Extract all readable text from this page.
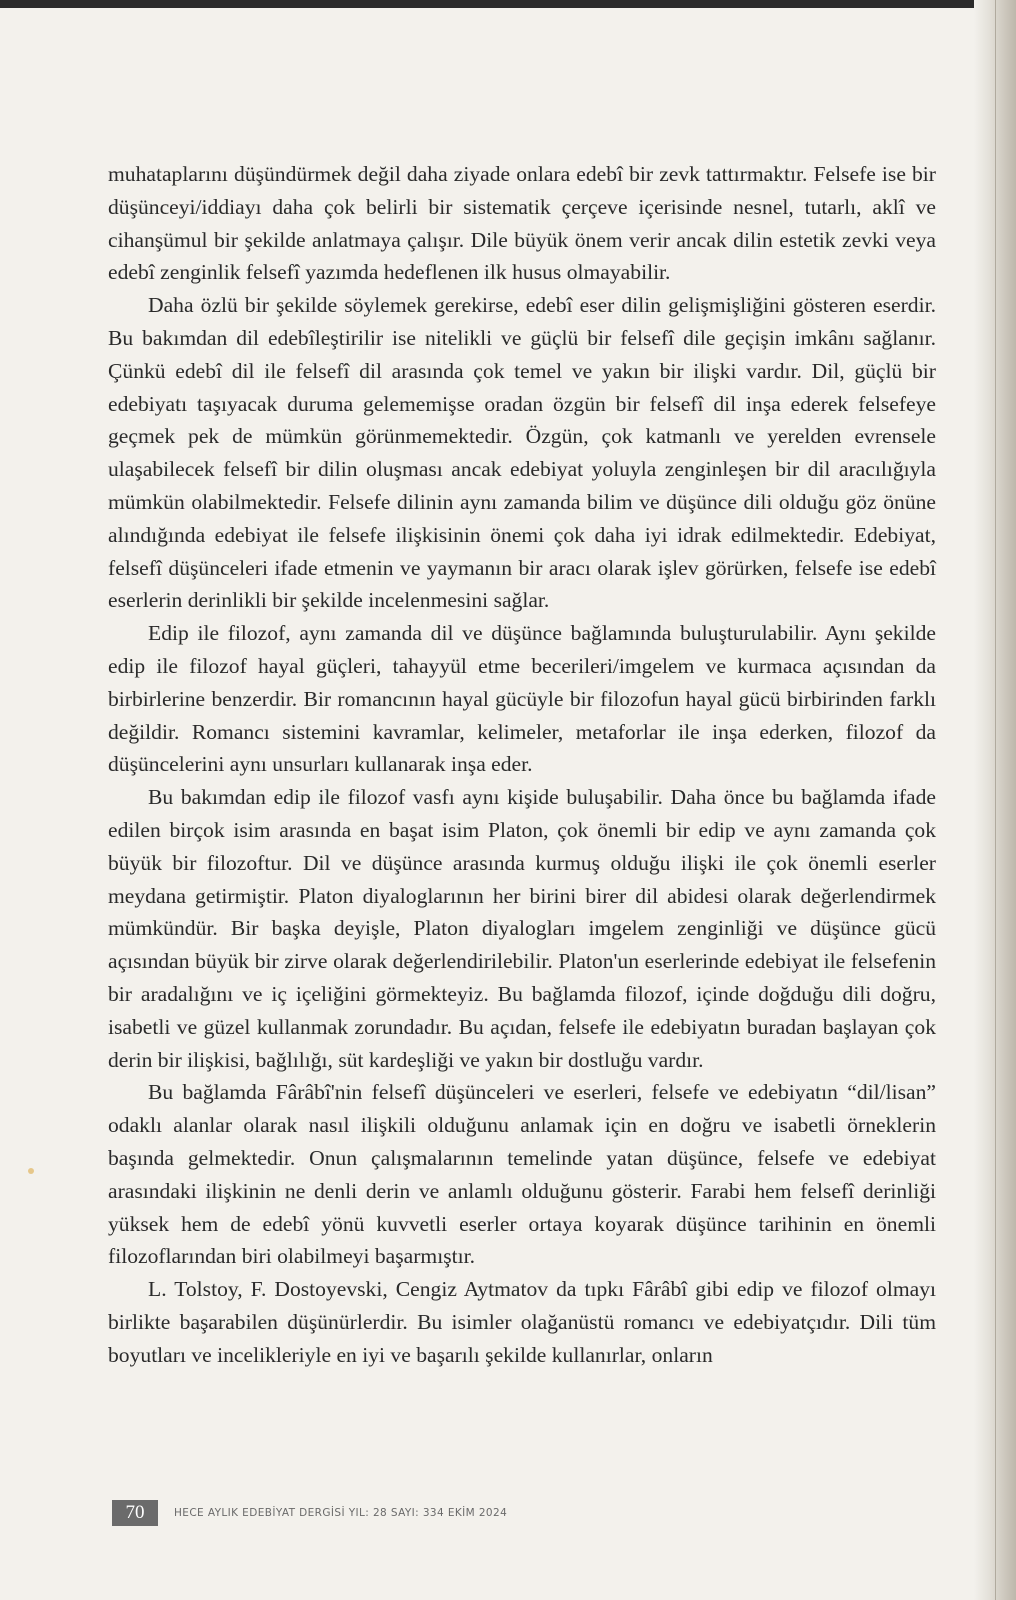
muhataplarını düşündürmek değil daha ziyade onlara edebî bir zevk tattırmaktır. Felsefe ise bir düşünceyi/iddiayı daha çok belirli bir sistematik çerçeve içerisinde nesnel, tutarlı, aklî ve cihanşümul bir şekilde anlatmaya çalışır. Dile büyük önem verir ancak dilin estetik zevki veya edebî zenginlik felsefî yazımda hedeflenen ilk husus olmayabilir.

Daha özlü bir şekilde söylemek gerekirse, edebî eser dilin gelişmişliğini gösteren eserdir. Bu bakımdan dil edebîleştirilir ise nitelikli ve güçlü bir felsefî dile geçişin imkânı sağlanır. Çünkü edebî dil ile felsefî dil arasında çok temel ve yakın bir ilişki vardır. Dil, güçlü bir edebiyatı taşıyacak duruma gelememişse oradan özgün bir felsefî dil inşa ederek felsefeye geçmek pek de mümkün görünmemektedir. Özgün, çok katmanlı ve yerelden evrensele ulaşabilecek felsefî bir dilin oluşması ancak edebiyat yoluyla zenginleşen bir dil aracılığıyla mümkün olabilmektedir. Felsefe dilinin aynı zamanda bilim ve düşünce dili olduğu göz önüne alındığında edebiyat ile felsefe ilişkisinin önemi çok daha iyi idrak edilmektedir. Edebiyat, felsefî düşünceleri ifade etmenin ve yaymanın bir aracı olarak işlev görürken, felsefe ise edebî eserlerin derinlikli bir şekilde incelenmesini sağlar.

Edip ile filozof, aynı zamanda dil ve düşünce bağlamında buluşturulabilir. Aynı şekilde edip ile filozof hayal güçleri, tahayyül etme becerileri/imgelem ve kurmaca açısından da birbirlerine benzerdir. Bir romancının hayal gücüyle bir filozofun hayal gücü birbirinden farklı değildir. Romancı sistemini kavramlar, kelimeler, metaforlar ile inşa ederken, filozof da düşüncelerini aynı unsurları kullanarak inşa eder.

Bu bakımdan edip ile filozof vasfı aynı kişide buluşabilir. Daha önce bu bağlamda ifade edilen birçok isim arasında en başat isim Platon, çok önemli bir edip ve aynı zamanda çok büyük bir filozoftur. Dil ve düşünce arasında kurmuş olduğu ilişki ile çok önemli eserler meydana getirmiştir. Platon diyaloglarının her birini birer dil abidesi olarak değerlendirmek mümkündür. Bir başka deyişle, Platon diyalogları imgelem zenginliği ve düşünce gücü açısından büyük bir zirve olarak değerlendirilebilir. Platon'un eserlerinde edebiyat ile felsefenin bir aradalığını ve iç içeliğini görmekteyiz. Bu bağlamda filozof, içinde doğduğu dili doğru, isabetli ve güzel kullanmak zorundadır. Bu açıdan, felsefe ile edebiyatın buradan başlayan çok derin bir ilişkisi, bağlılığı, süt kardeşliği ve yakın bir dostluğu vardır.

Bu bağlamda Fârâbî'nin felsefî düşünceleri ve eserleri, felsefe ve edebiyatın “dil/lisan” odaklı alanlar olarak nasıl ilişkili olduğunu anlamak için en doğru ve isabetli örneklerin başında gelmektedir. Onun çalışmalarının temelinde yatan düşünce, felsefe ve edebiyat arasındaki ilişkinin ne denli derin ve anlamlı olduğunu gösterir. Farabi hem felsefî derinliği yüksek hem de edebî yönü kuvvetli eserler ortaya koyarak düşünce tarihinin en önemli filozoflarından biri olabilmeyi başarmıştır.

L. Tolstoy, F. Dostoyevski, Cengiz Aytmatov da tıpkı Fârâbî gibi edip ve filozof olmayı birlikte başarabilen düşünürlerdir. Bu isimler olağanüstü romancı ve edebiyatçıdır. Dili tüm boyutları ve incelikleriyle en iyi ve başarılı şekilde kullanırlar, onların

70	HECE AYLIK EDEBİYAT DERGİSİ YIL: 28 SAYI: 334 EKİM 2024
